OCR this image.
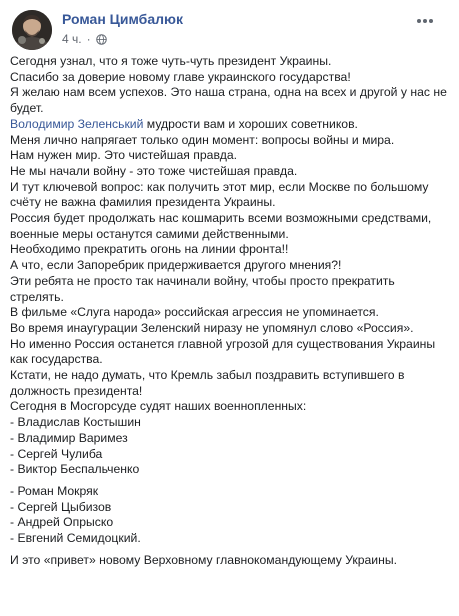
Роман Цимбалюк
4 ч. ·

Сегодня узнал, что я тоже чуть-чуть президент Украины.

Спасибо за доверие новому главе украинского государства!

Я желаю нам всем успехов. Это наша страна, одна на всех и другой у нас не будет.

Володимир Зеленський мудрости вам и хороших советников.

Меня лично напрягает только один момент: вопросы войны и мира.

Нам нужен мир. Это чистейшая правда.

Не мы начали войну - это тоже чистейшая правда.

И тут ключевой вопрос: как получить этот мир, если Москве по большому счёту не важна фамилия президента Украины.

Россия будет продолжать нас кошмарить всеми возможными средствами, военные меры останутся самими действенными.

Необходимо прекратить огонь на линии фронта!!

А что, если Запоребрик придерживается другого мнения?!

Эти ребята не просто так начинали войну, чтобы просто прекратить стрелять.

В фильме «Слуга народа» российская агрессия не упоминается.

Во время инаугурации Зеленский ниразу не упомянул слово «Россия».

Но именно Россия останется главной угрозой для существования Украины как государства.

Кстати, не надо думать, что Кремль забыл поздравить вступившего в должность президента!

Сегодня в Мосгорсуде судят наших военнопленных:

- Владислав Костышин

- Владимир Варимез

- Сергей Чулиба

- Виктор Беспальченко

- Роман Мокряк

- Сергей Цыбизов

- Андрей Опрыско

- Евгений Семидоцкий.

И это «привет» новому Верховному главнокомандующему Украины.
